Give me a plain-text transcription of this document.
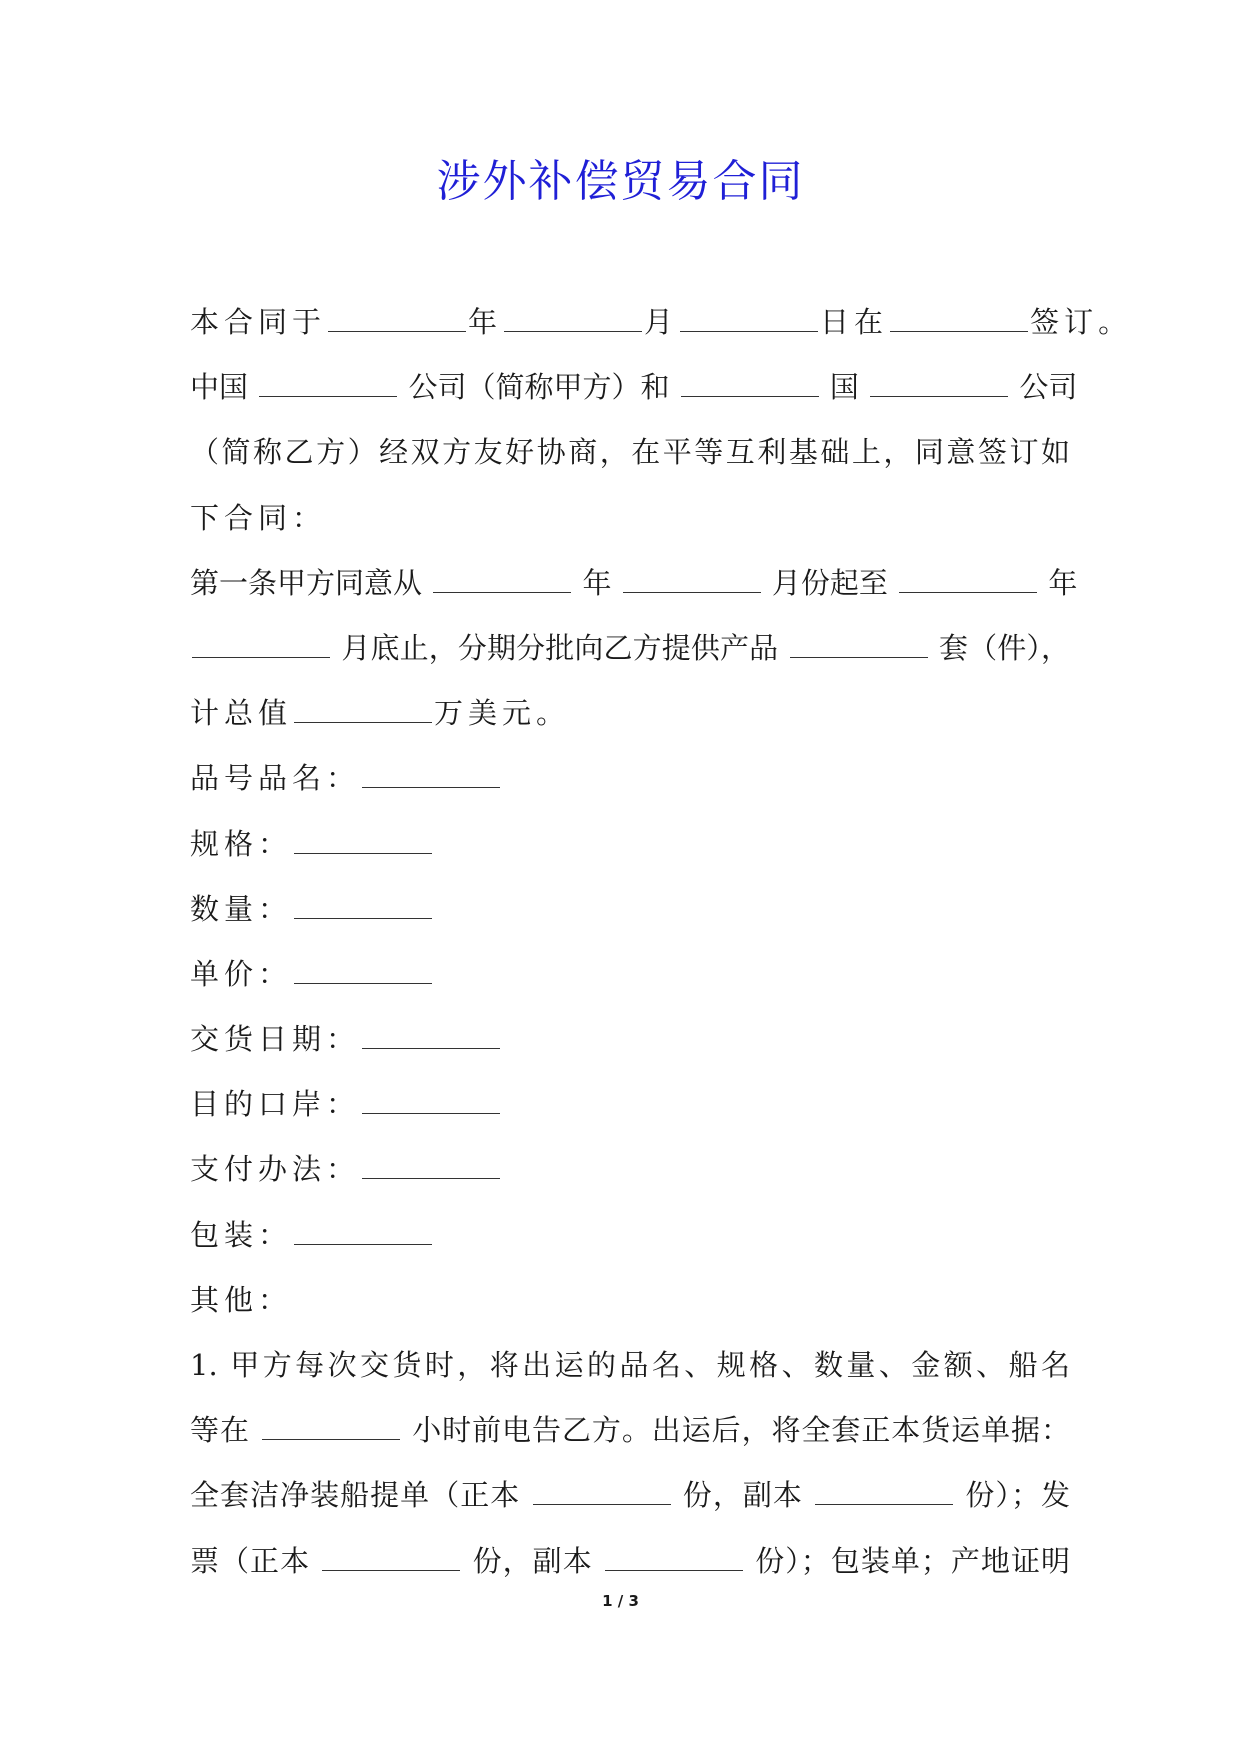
涉外补偿贸易合同
本合同于	年	月	日在	签订。
中国	公司（简称甲方）和	国	公司
（简称乙方）经双方友好协商，在平等互利基础上，同意签订如
下合同：
第一条甲方同意从	年	月份起至	年
月底止，分期分批向乙方提供产品	套（件），
计总值	万美元。
品号品名：
规格：
数量：
单价：
交货日期：
目的口岸：
支付办法：
包装：
其他：
1. 甲方每次交货时，将出运的品名、规格、数量、金额、船名
等在	小时前电告乙方。出运后，将全套正本货运单据：
全套洁净装船提单（正本	份，副本	份）；发
票（正本	份，副本	份）；包装单；产地证明
1 / 3
